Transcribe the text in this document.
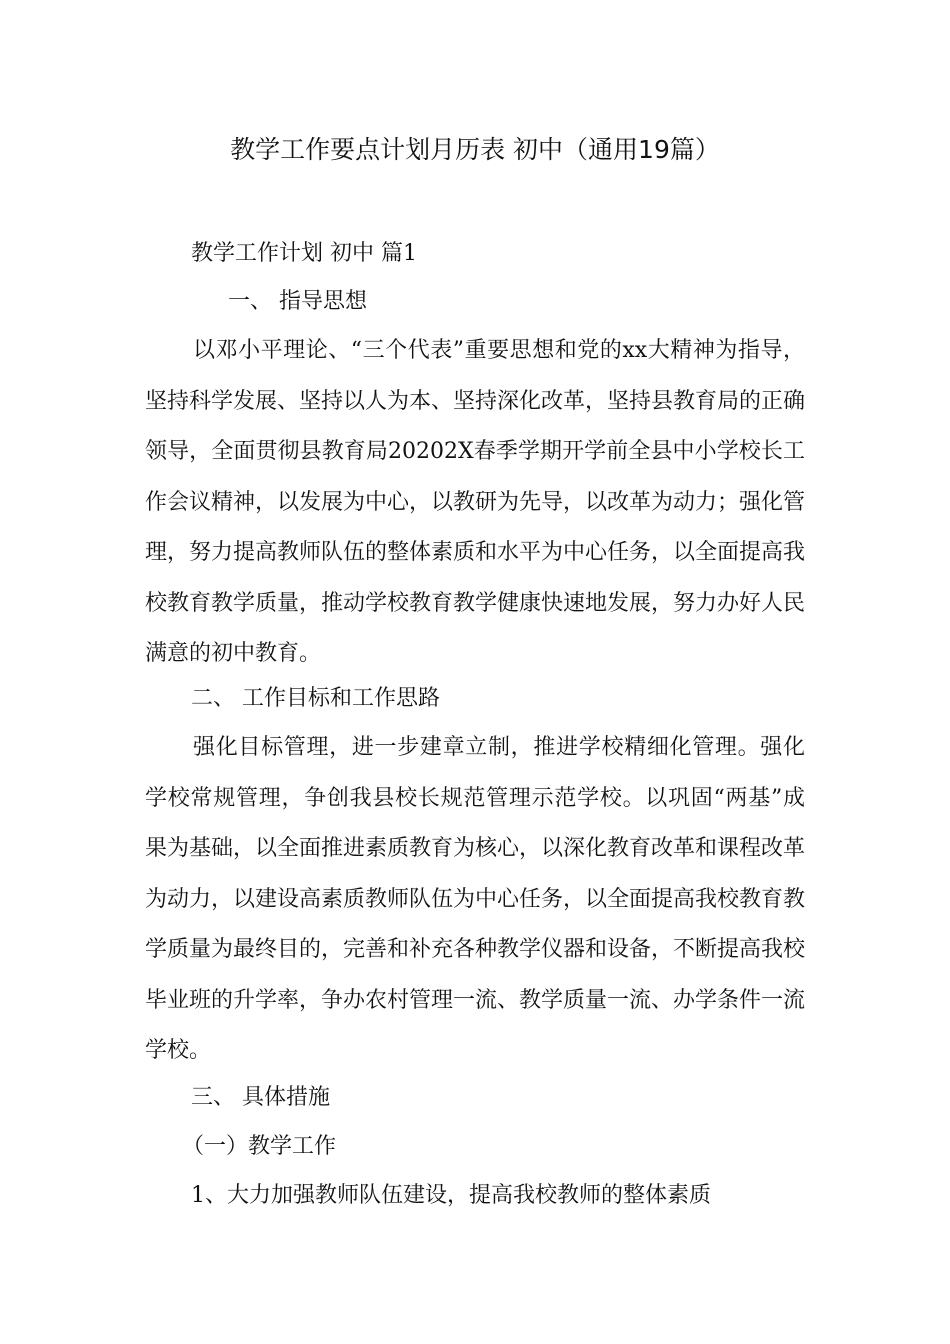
教学工作要点计划月历表 初中（通用19篇）
教学工作计划 初中 篇1
一、 指导思想
以邓小平理论、“三个代表”重要思想和党的xx大精神为指导，坚持科学发展、坚持以人为本、坚持深化改革，坚持县教育局的正确领导，全面贯彻县教育局20202X春季学期开学前全县中小学校长工作会议精神，以发展为中心，以教研为先导，以改革为动力；强化管理，努力提高教师队伍的整体素质和水平为中心任务，以全面提高我校教育教学质量，推动学校教育教学健康快速地发展，努力办好人民满意的初中教育。
二、 工作目标和工作思路
强化目标管理，进一步建章立制，推进学校精细化管理。强化学校常规管理，争创我县校长规范管理示范学校。以巩固“两基”成果为基础，以全面推进素质教育为核心，以深化教育改革和课程改革为动力，以建设高素质教师队伍为中心任务，以全面提高我校教育教学质量为最终目的，完善和补充各种教学仪器和设备，不断提高我校毕业班的升学率，争办农村管理一流、教学质量一流、办学条件一流学校。
三、 具体措施
（一）教学工作
1、大力加强教师队伍建设，提高我校教师的整体素质
